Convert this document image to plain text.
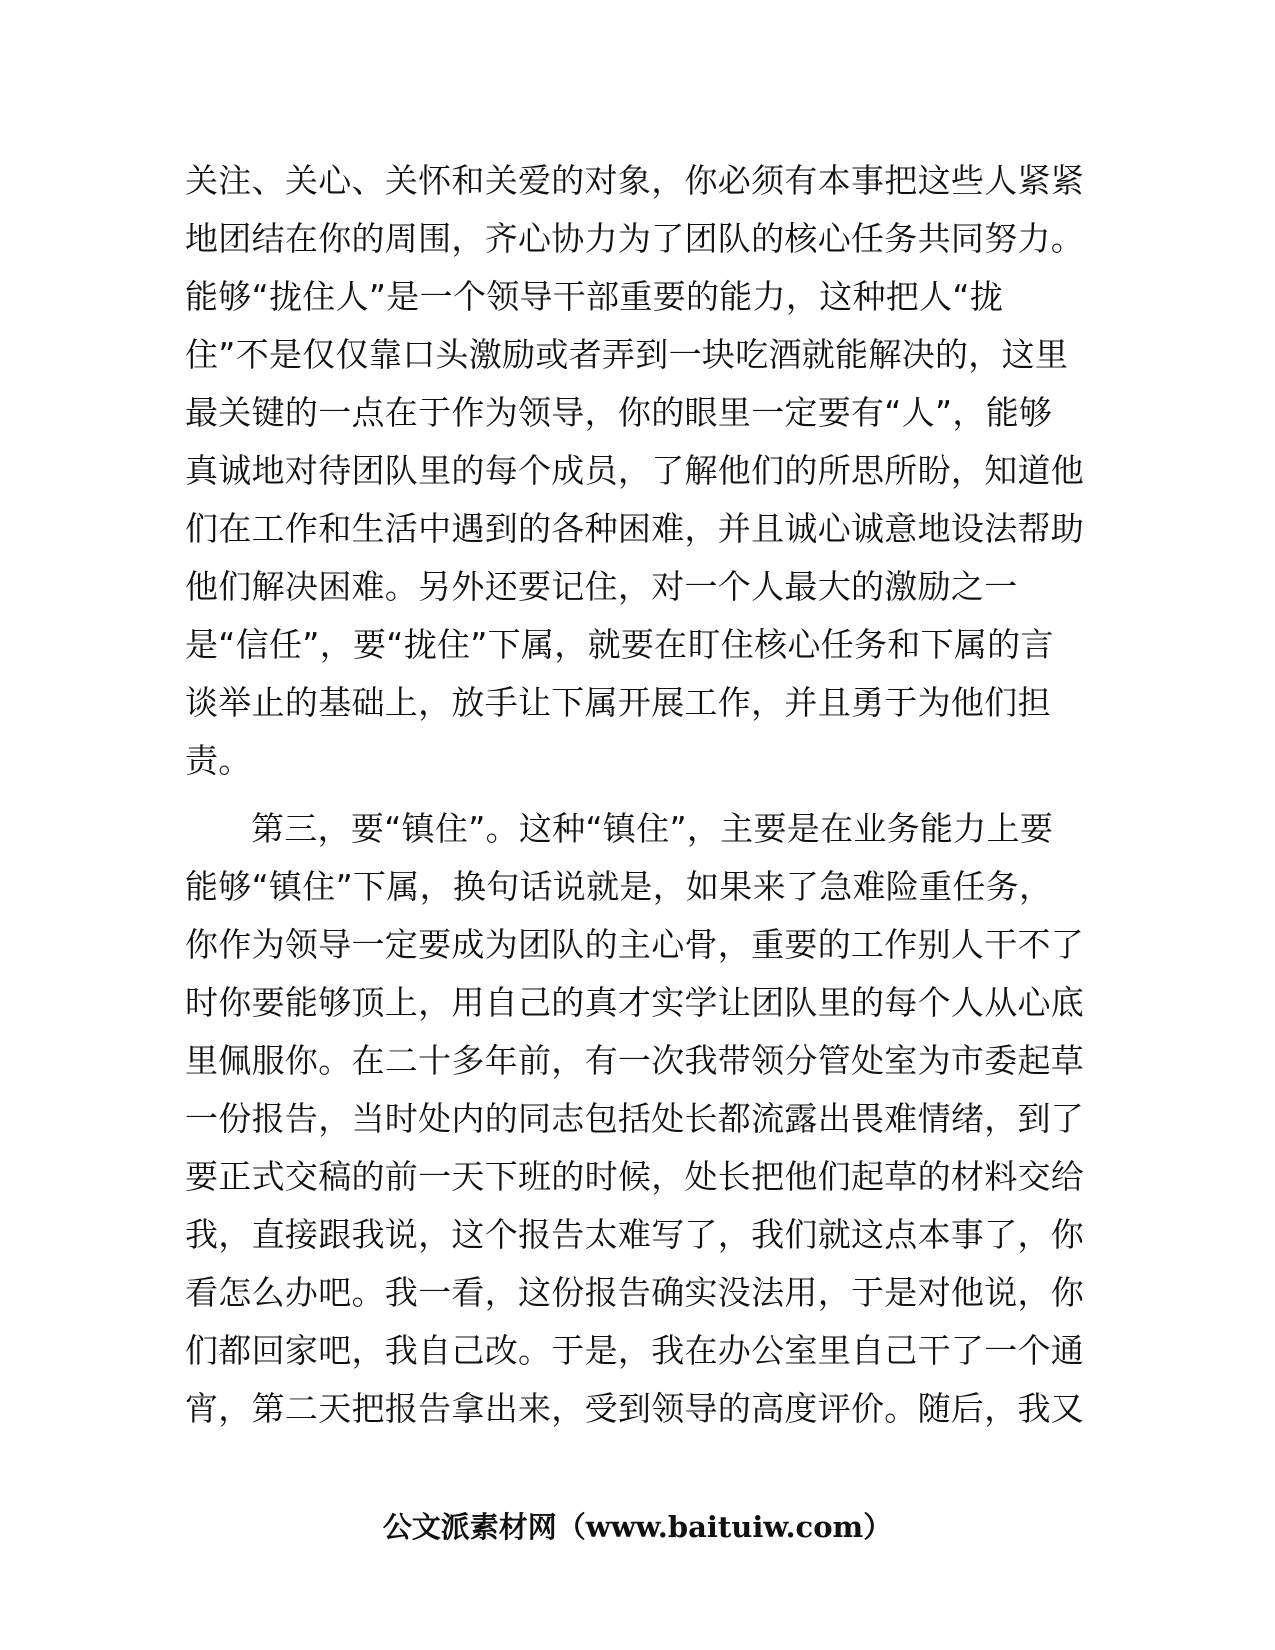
关注、关心、关怀和关爱的对象，你必须有本事把这些人紧紧
地团结在你的周围，齐心协力为了团队的核心任务共同努力。
能够“拢住人”是一个领导干部重要的能力，这种把人“拢
住”不是仅仅靠口头激励或者弄到一块吃酒就能解决的，这里
最关键的一点在于作为领导，你的眼里一定要有“人”，能够
真诚地对待团队里的每个成员，了解他们的所思所盼，知道他
们在工作和生活中遇到的各种困难，并且诚心诚意地设法帮助
他们解决困难。另外还要记住，对一个人最大的激励之一
是“信任”，要“拢住”下属，就要在盯住核心任务和下属的言
谈举止的基础上，放手让下属开展工作，并且勇于为他们担
责。
第三，要“镇住”。这种“镇住”，主要是在业务能力上要
能够“镇住”下属，换句话说就是，如果来了急难险重任务，
你作为领导一定要成为团队的主心骨，重要的工作别人干不了
时你要能够顶上，用自己的真才实学让团队里的每个人从心底
里佩服你。在二十多年前，有一次我带领分管处室为市委起草
一份报告，当时处内的同志包括处长都流露出畏难情绪，到了
要正式交稿的前一天下班的时候，处长把他们起草的材料交给
我，直接跟我说，这个报告太难写了，我们就这点本事了，你
看怎么办吧。我一看，这份报告确实没法用，于是对他说，你
们都回家吧，我自己改。于是，我在办公室里自己干了一个通
宵，第二天把报告拿出来，受到领导的高度评价。随后，我又
公文派素材网（www.baituiw.com）
